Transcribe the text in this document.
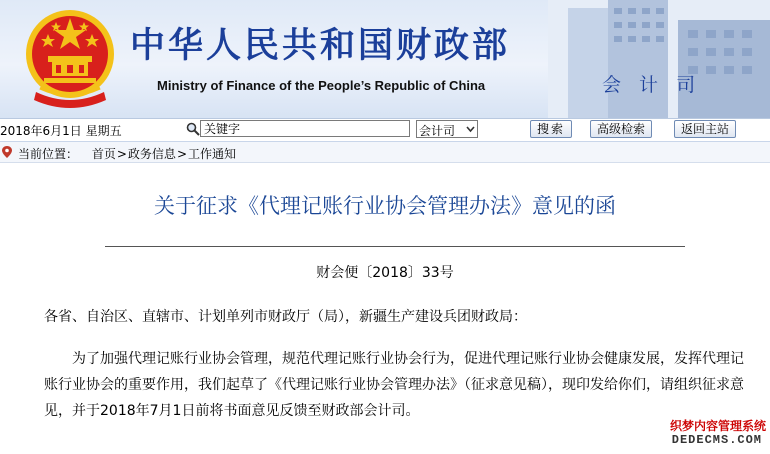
中华人民共和国财政部
Ministry of Finance of the People’s Republic of China	会 计 司
2018年6月1日 星期五
关键字	会计司	搜索	高级检索	返回主站
当前位置： 首页>政务信息>工作通知
关于征求《代理记账行业协会管理办法》意见的函
财会便〔2018〕33号
各省、自治区、直辖市、计划单列市财政厅（局），新疆生产建设兵团财政局：
为了加强代理记账行业协会管理，规范代理记账行业协会行为，促进代理记账行业协会健康发展，发挥代理记账行业协会的重要作用，我们起草了《代理记账行业协会管理办法》（征求意见稿），现印发给你们，请组织征求意见，并于2018年7月1日前将书面意见反馈至财政部会计司。
织梦内容管理系统
DEDECMS.COM
